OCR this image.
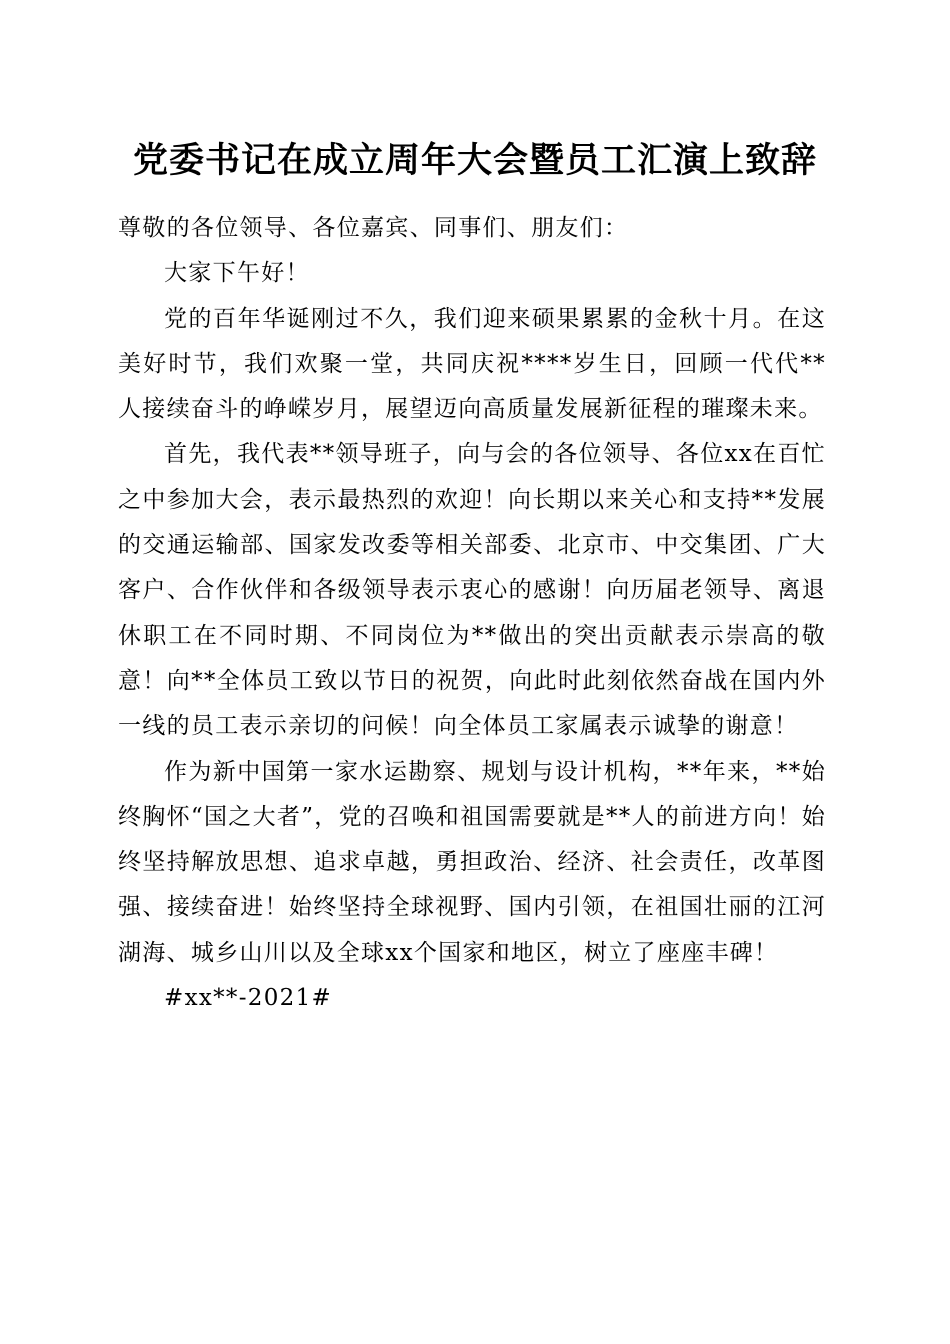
党委书记在成立周年大会暨员工汇演上致辞

尊敬的各位领导、各位嘉宾、同事们、朋友们：

大家下午好！

党的百年华诞刚过不久，我们迎来硕果累累的金秋十月。在这美好时节，我们欢聚一堂，共同庆祝****岁生日，回顾一代代**人接续奋斗的峥嵘岁月，展望迈向高质量发展新征程的璀璨未来。

首先，我代表**领导班子，向与会的各位领导、各位xx在百忙之中参加大会，表示最热烈的欢迎！向长期以来关心和支持**发展的交通运输部、国家发改委等相关部委、北京市、中交集团、广大客户、合作伙伴和各级领导表示衷心的感谢！向历届老领导、离退休职工在不同时期、不同岗位为**做出的突出贡献表示崇高的敬意！向**全体员工致以节日的祝贺，向此时此刻依然奋战在国内外一线的员工表示亲切的问候！向全体员工家属表示诚挚的谢意！

作为新中国第一家水运勘察、规划与设计机构，**年来，**始终胸怀“国之大者”，党的召唤和祖国需要就是**人的前进方向！始终坚持解放思想、追求卓越，勇担政治、经济、社会责任，改革图强、接续奋进！始终坚持全球视野、国内引领，在祖国壮丽的江河湖海、城乡山川以及全球xx个国家和地区，树立了座座丰碑！

#xx**-2021#
